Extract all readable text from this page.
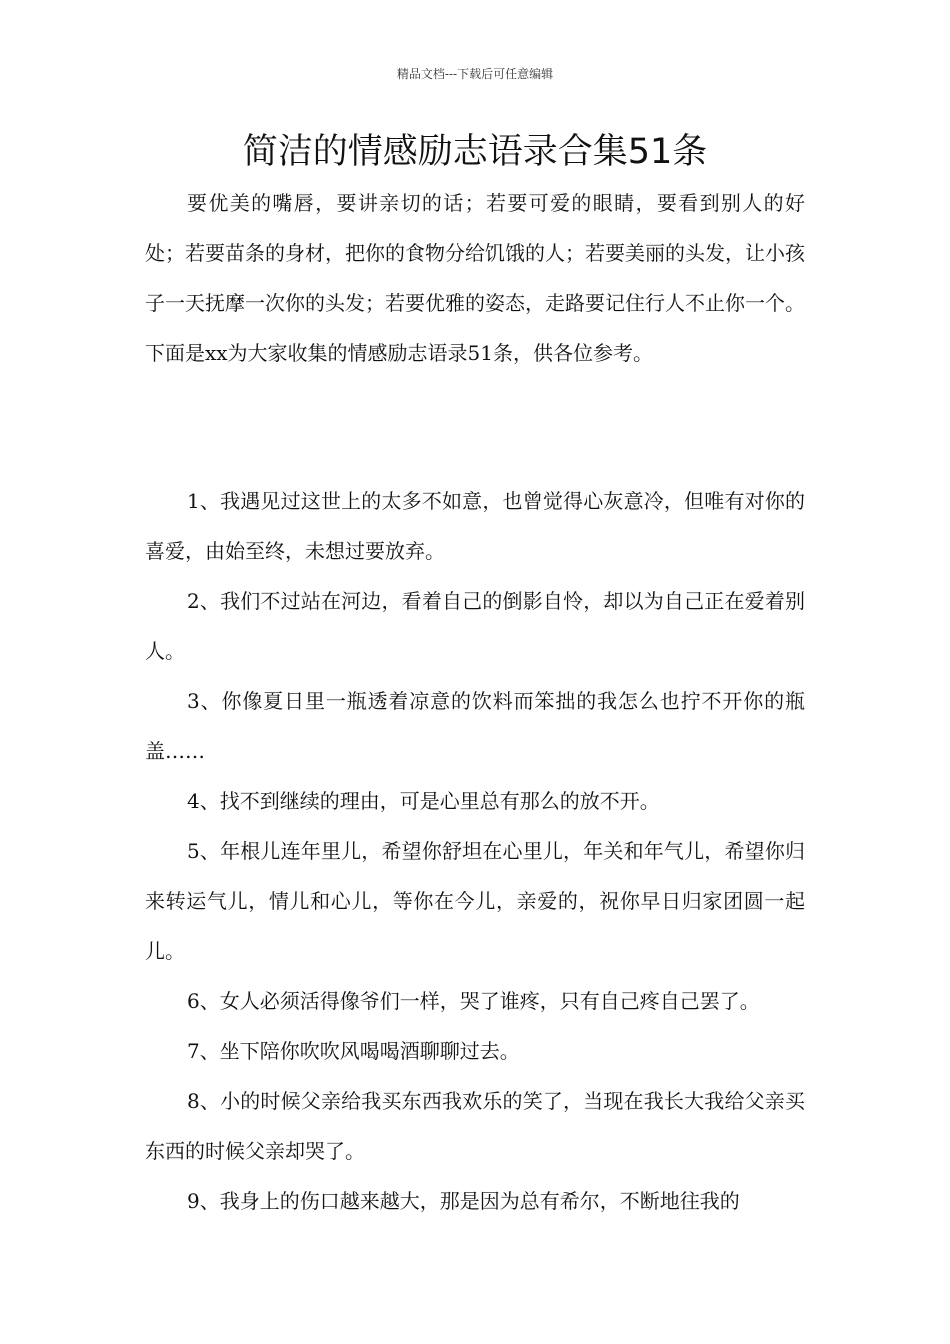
精品文档---下载后可任意编辑
简洁的情感励志语录合集51条

要优美的嘴唇，要讲亲切的话；若要可爱的眼睛，要看到别人的好处；若要苗条的身材，把你的食物分给饥饿的人；若要美丽的头发，让小孩子一天抚摩一次你的头发；若要优雅的姿态，走路要记住行人不止你一个。下面是xx为大家收集的情感励志语录51条，供各位参考。

1、我遇见过这世上的太多不如意，也曾觉得心灰意冷，但唯有对你的喜爱，由始至终，未想过要放弃。

2、我们不过站在河边，看着自己的倒影自怜，却以为自己正在爱着别人。

3、你像夏日里一瓶透着凉意的饮料而笨拙的我怎么也拧不开你的瓶盖……

4、找不到继续的理由，可是心里总有那么的放不开。

5、年根儿连年里儿，希望你舒坦在心里儿，年关和年气儿，希望你归来转运气儿，情儿和心儿，等你在今儿，亲爱的，祝你早日归家团圆一起儿。

6、女人必须活得像爷们一样，哭了谁疼，只有自己疼自己罢了。

7、坐下陪你吹吹风喝喝酒聊聊过去。

8、小的时候父亲给我买东西我欢乐的笑了，当现在我长大我给父亲买东西的时候父亲却哭了。

9、我身上的伤口越来越大，那是因为总有希尔，不断地往我的
